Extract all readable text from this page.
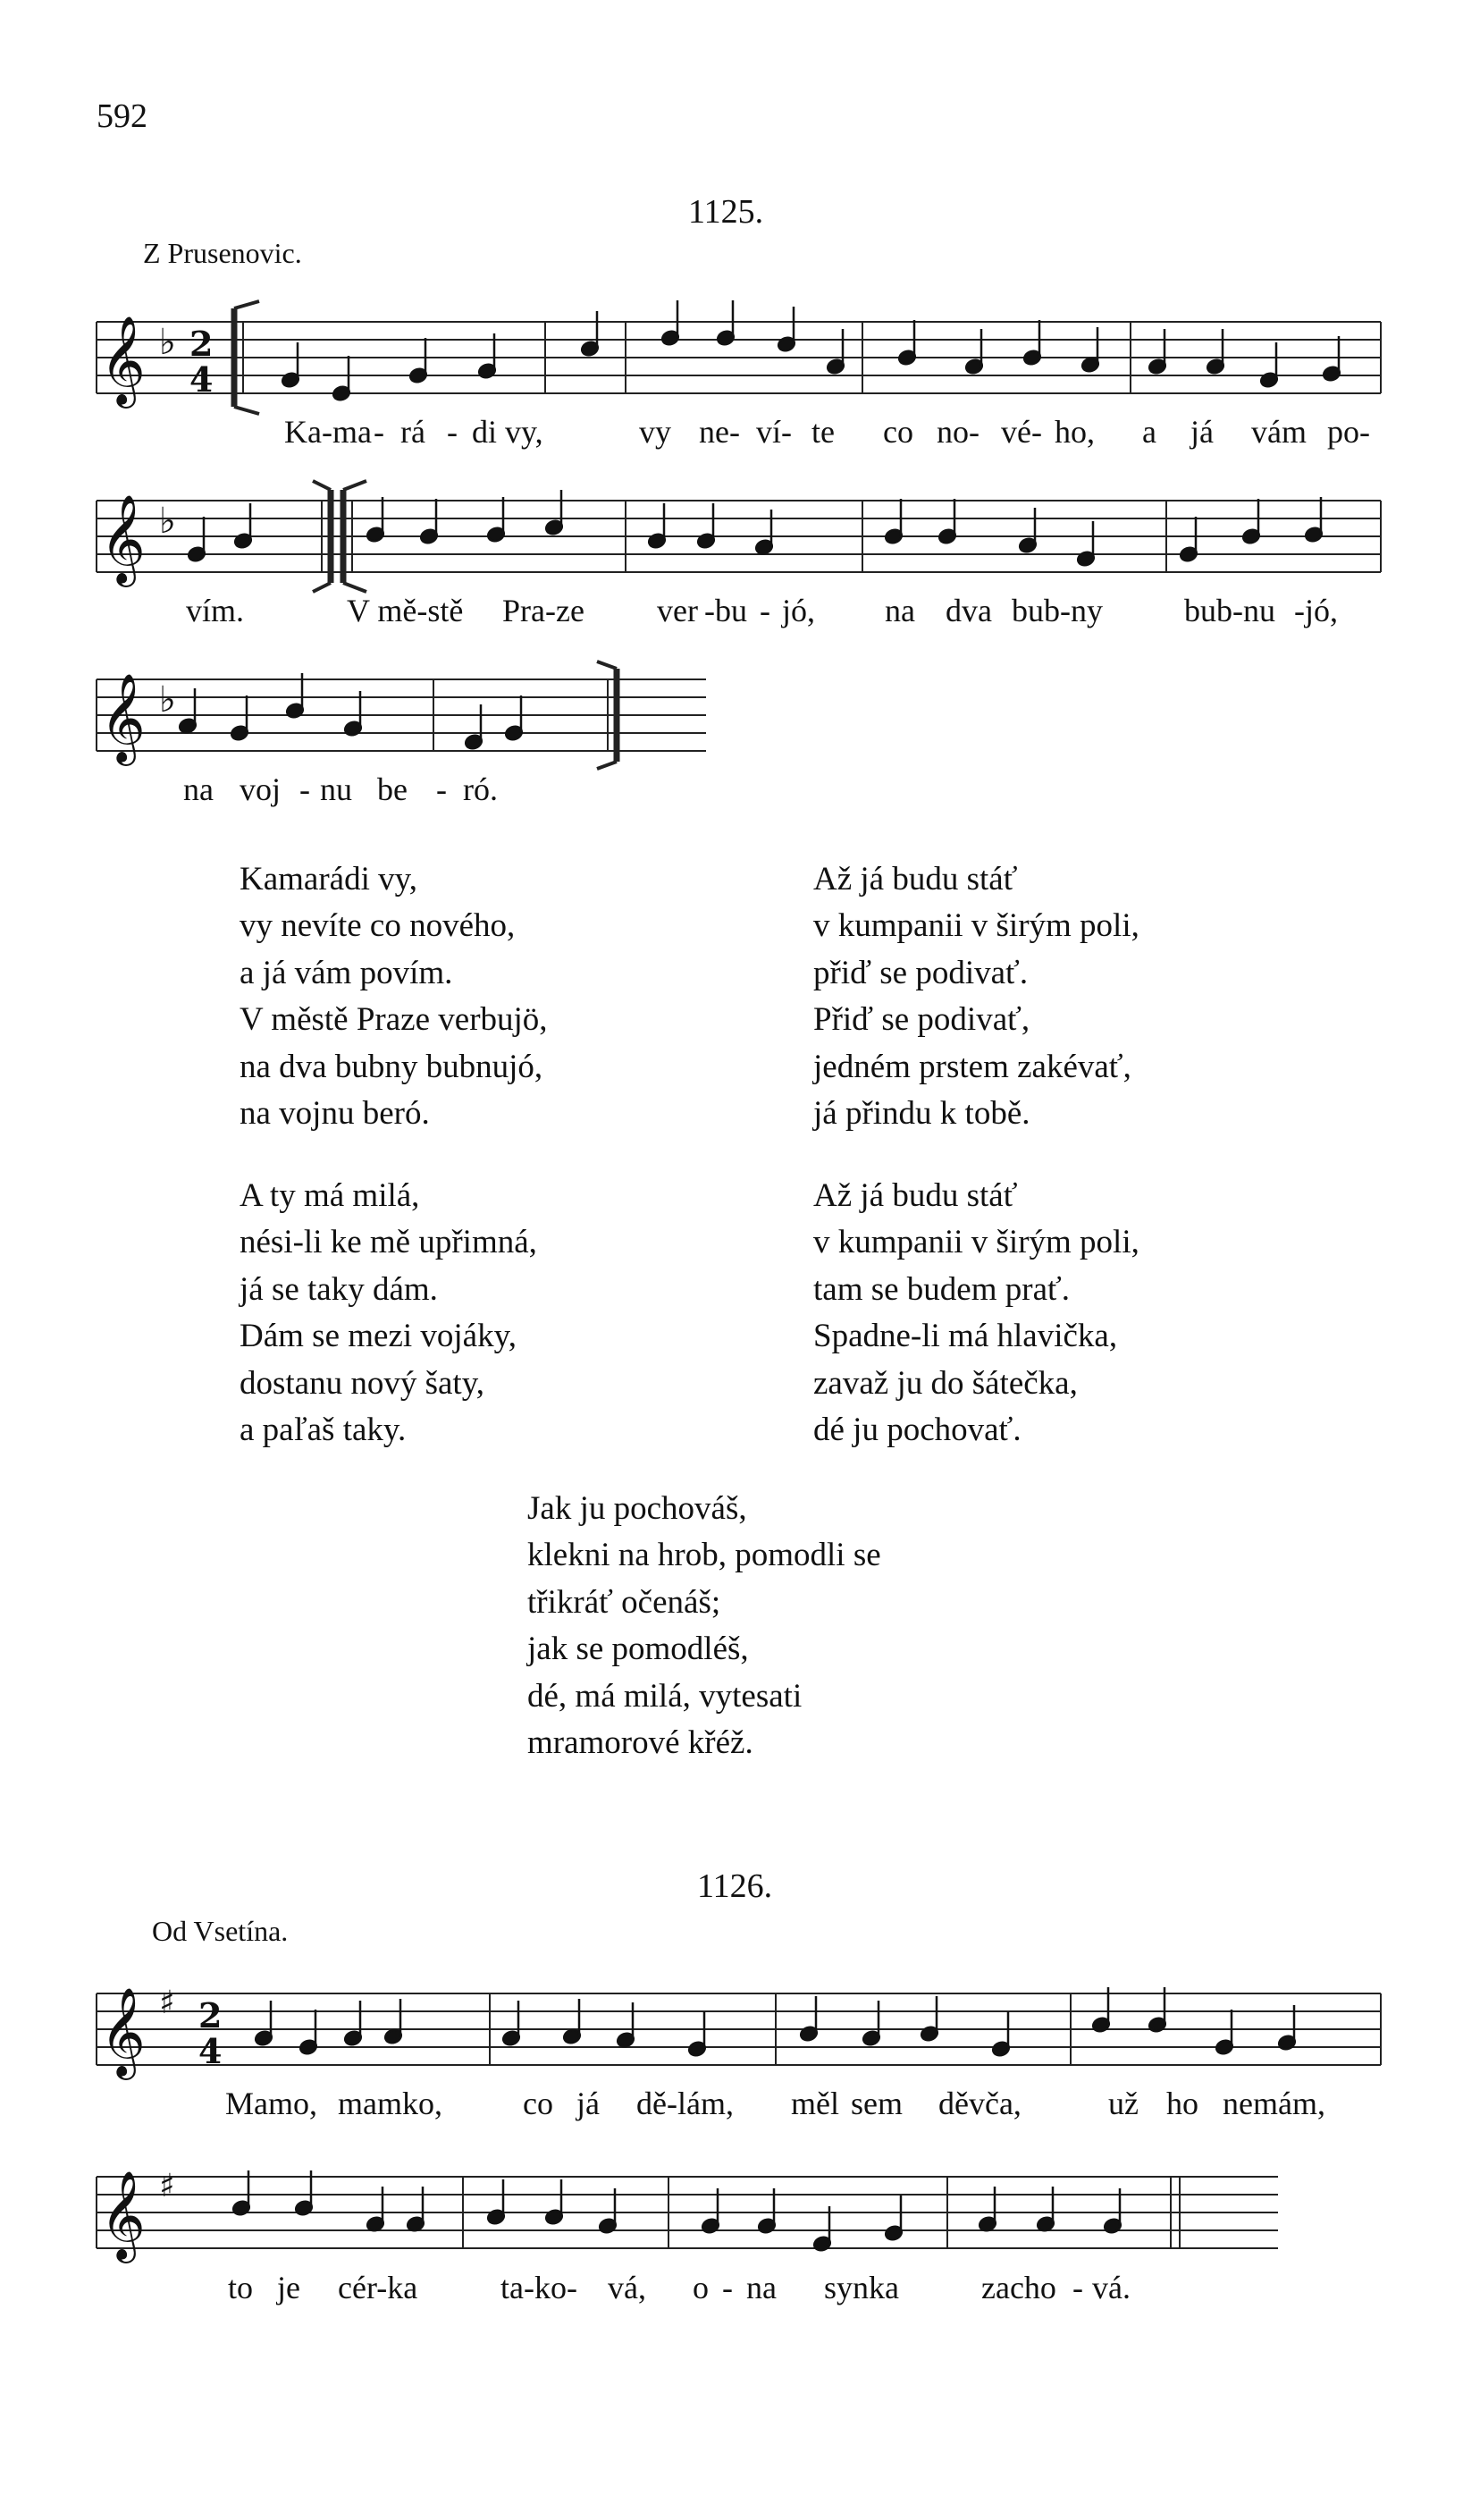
592
1125.
Z Prusenovic.
𝄞
𝄞
𝄞
𝄞
𝄞
♭
♭
♭
♯
♯
2
4
2
4
Ka-ma - rá - di vy,	vy ne- ví- te co no- vé- ho, a já vám po-
vím.	V mě-stě Pra-ze ver -bu - jó, na dva bub-ny	bub-nu -jó,
na voj - nu be - ró.
Kamarádi vy,
vy nevíte co nového,
a já vám povím.
V městě Praze verbujö,
na dva bubny bubnujó,
na vojnu beró.
Až já budu stáť
v kumpanii v širým poli,
přiď se podivať.
Přiď se podivať,
jedném prstem zakévať,
já přindu k tobě.
A ty má milá,
nési-li ke mě upřimná,
já se taky dám.
Dám se mezi vojáky,
dostanu nový šaty,
a paľaš taky.
Až já budu stáť
v kumpanii v širým poli,
tam se budem prať.
Spadne-li má hlavička,
zavaž ju do šátečka,
dé ju pochovať.
Jak ju pochováš,
klekni na hrob, pomodli se
třikráť očenáš;
jak se pomodléš,
dé, má milá, vytesati
mramorové křéž.
1126.
Od Vsetína.
Mamo, mamko,	co já dě-lám, měl sem děvča,	už ho nemám,
to je cér-ka	ta-ko- vá, o - na synka	zacho - vá.
